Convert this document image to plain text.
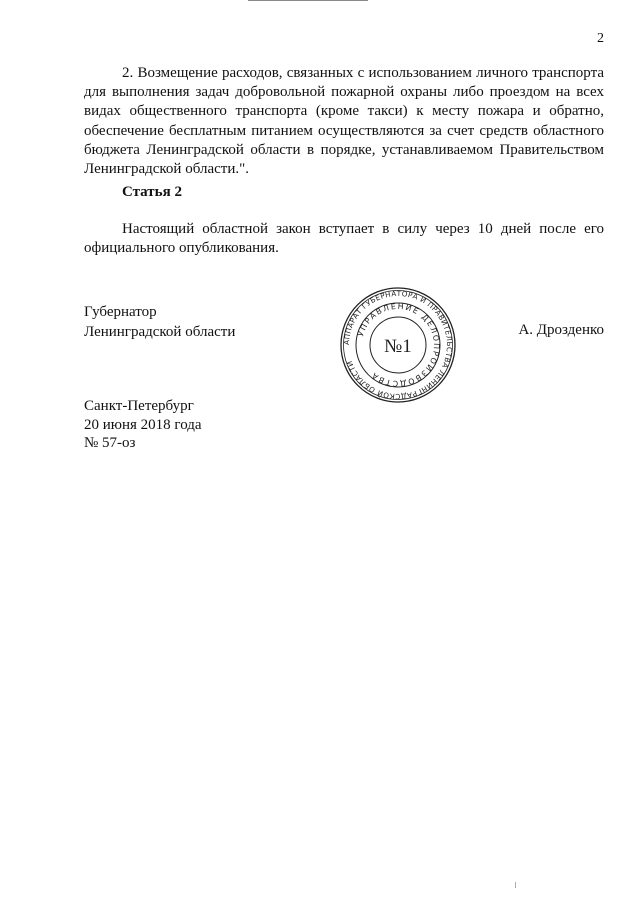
2

2. Возмещение расходов, связанных с использованием личного транспорта для выполнения задач добровольной пожарной охраны либо проездом на всех видах общественного транспорта (кроме такси) к месту пожара и обратно, обеспечение бесплатным питанием осуществляются за счет средств областного бюджета Ленинградской области в порядке, устанавливаемом Правительством Ленинградской области.".

Статья 2

Настоящий областной закон вступает в силу через 10 дней после его официального опубликования.

Губернатор
Ленинградской области
АППАРАТ ГУБЕРНАТОРА И ПРАВИТЕЛЬСТВА ЛЕНИНГРАДСКОЙ ОБЛАСТИ
УПРАВЛЕНИЕ ДЕЛОПРОИЗВОДСТВА
№1
А. Дрозденко
Санкт-Петербург
20 июня 2018 года
№ 57-оз
